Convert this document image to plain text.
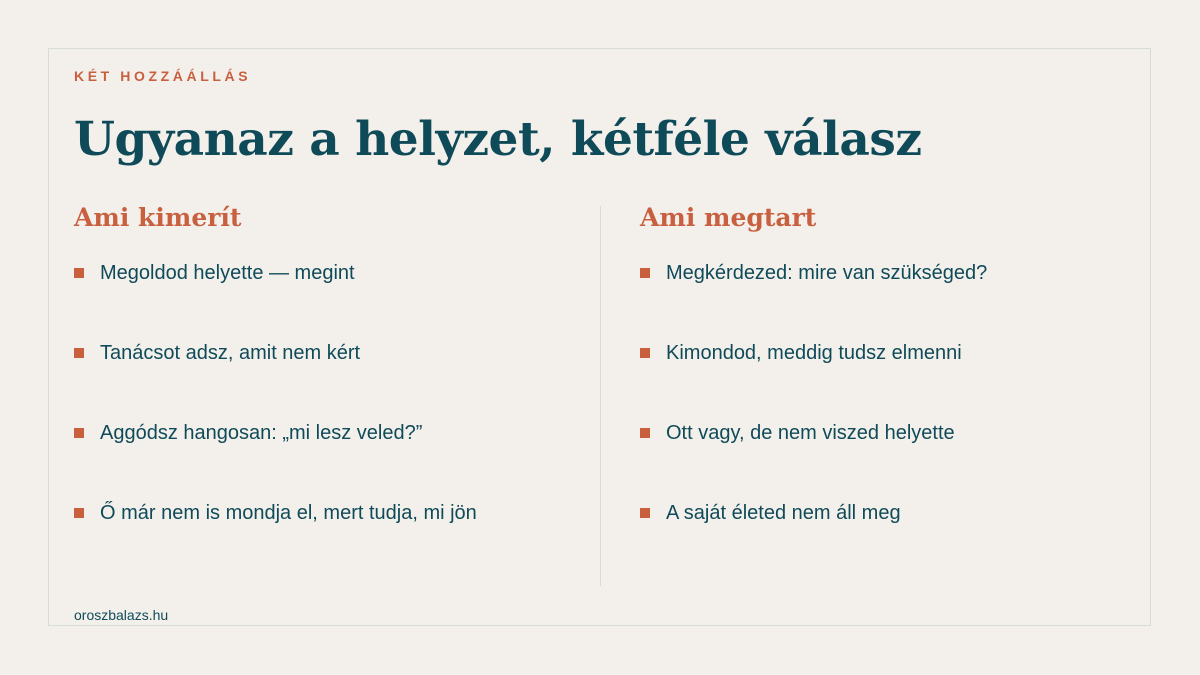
KÉT HOZZÁÁLLÁS
Ugyanaz a helyzet, kétféle válasz
Ami kimerít
Megoldod helyette — megint
Tanácsot adsz, amit nem kért
Aggódsz hangosan: „mi lesz veled?”
Ő már nem is mondja el, mert tudja, mi jön
Ami megtart
Megkérdezed: mire van szükséged?
Kimondod, meddig tudsz elmenni
Ott vagy, de nem viszed helyette
A saját életed nem áll meg
oroszbalazs.hu
